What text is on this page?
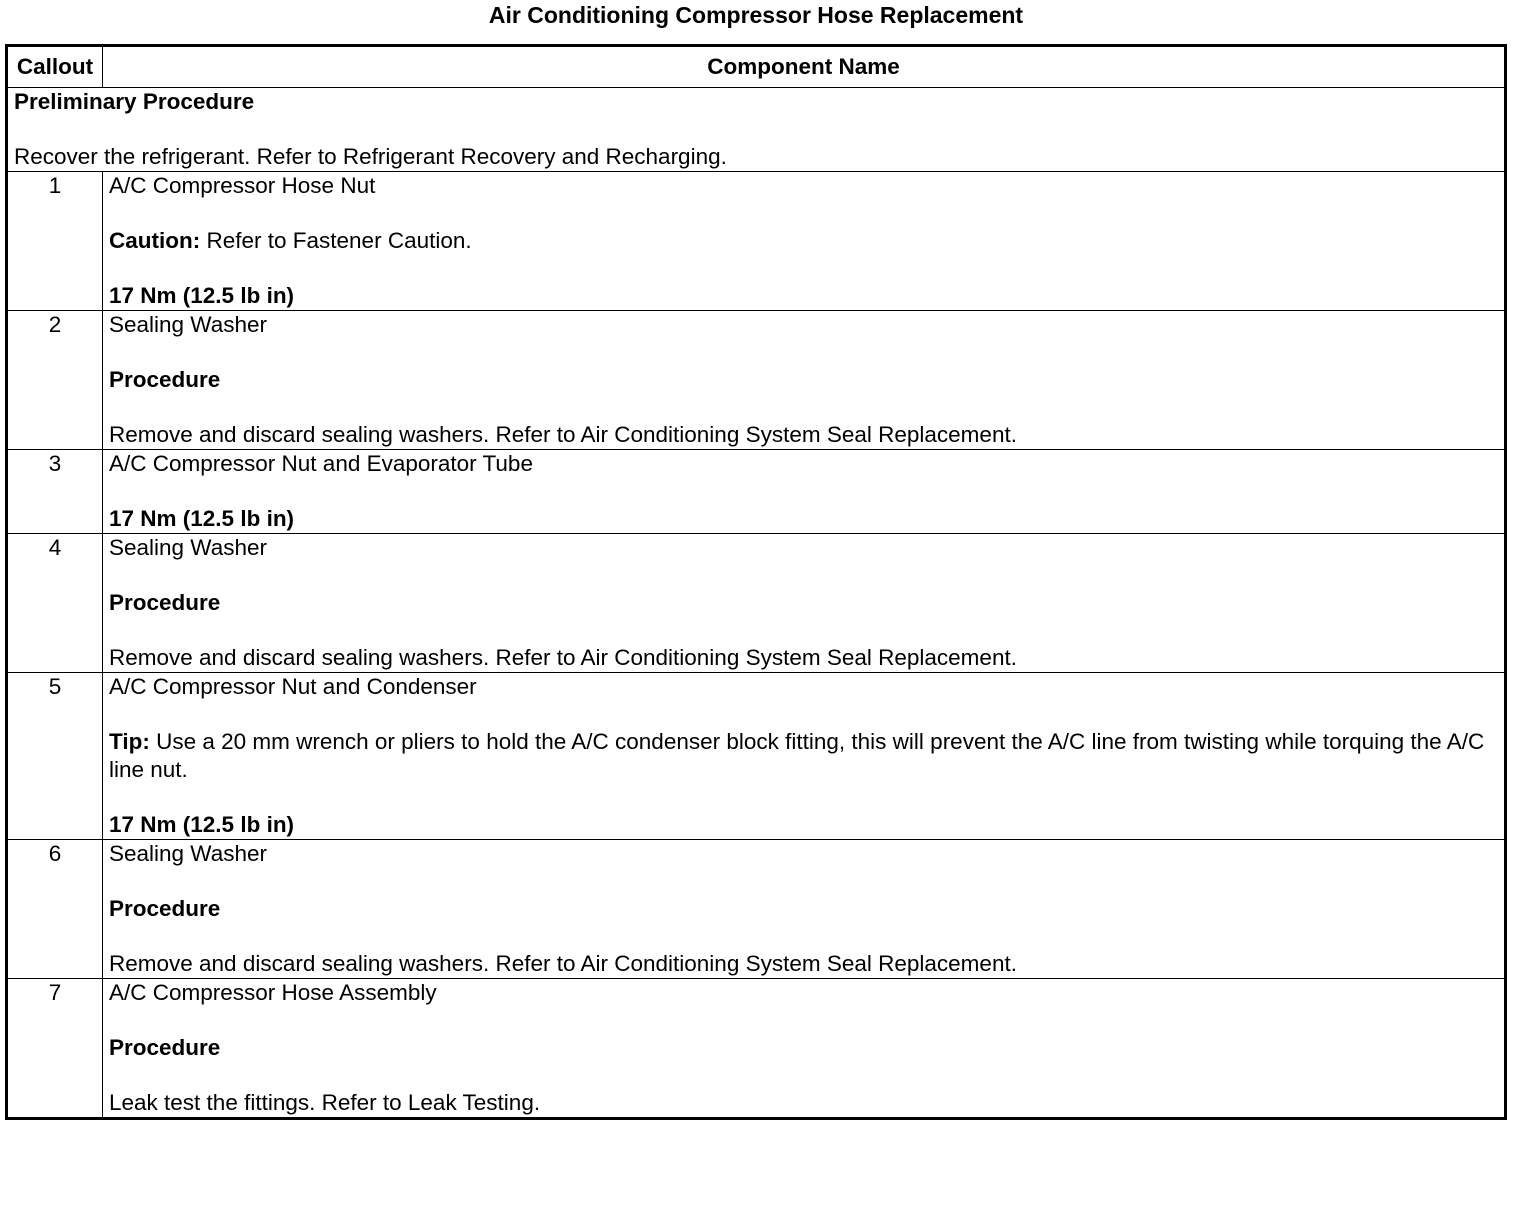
Air Conditioning Compressor Hose Replacement
Callout	Component Name

Preliminary Procedure

Recover the refrigerant. Refer to Refrigerant Recovery and Recharging.	

1	A/C Compressor Hose Nut

Caution: Refer to Fastener Caution.

17 Nm (12.5 lb in)

2	Sealing Washer

Procedure

Remove and discard sealing washers. Refer to Air Conditioning System Seal Replacement.

3	A/C Compressor Nut and Evaporator Tube

17 Nm (12.5 lb in)

4	Sealing Washer

Procedure

Remove and discard sealing washers. Refer to Air Conditioning System Seal Replacement.

5	A/C Compressor Nut and Condenser

Tip: Use a 20 mm wrench or pliers to hold the A/C condenser block fitting, this will prevent the A/C line from twisting while torquing the A/C line nut.

17 Nm (12.5 lb in)

6	Sealing Washer

Procedure

Remove and discard sealing washers. Refer to Air Conditioning System Seal Replacement.

7	A/C Compressor Hose Assembly

Procedure

Leak test the fittings. Refer to Leak Testing.
